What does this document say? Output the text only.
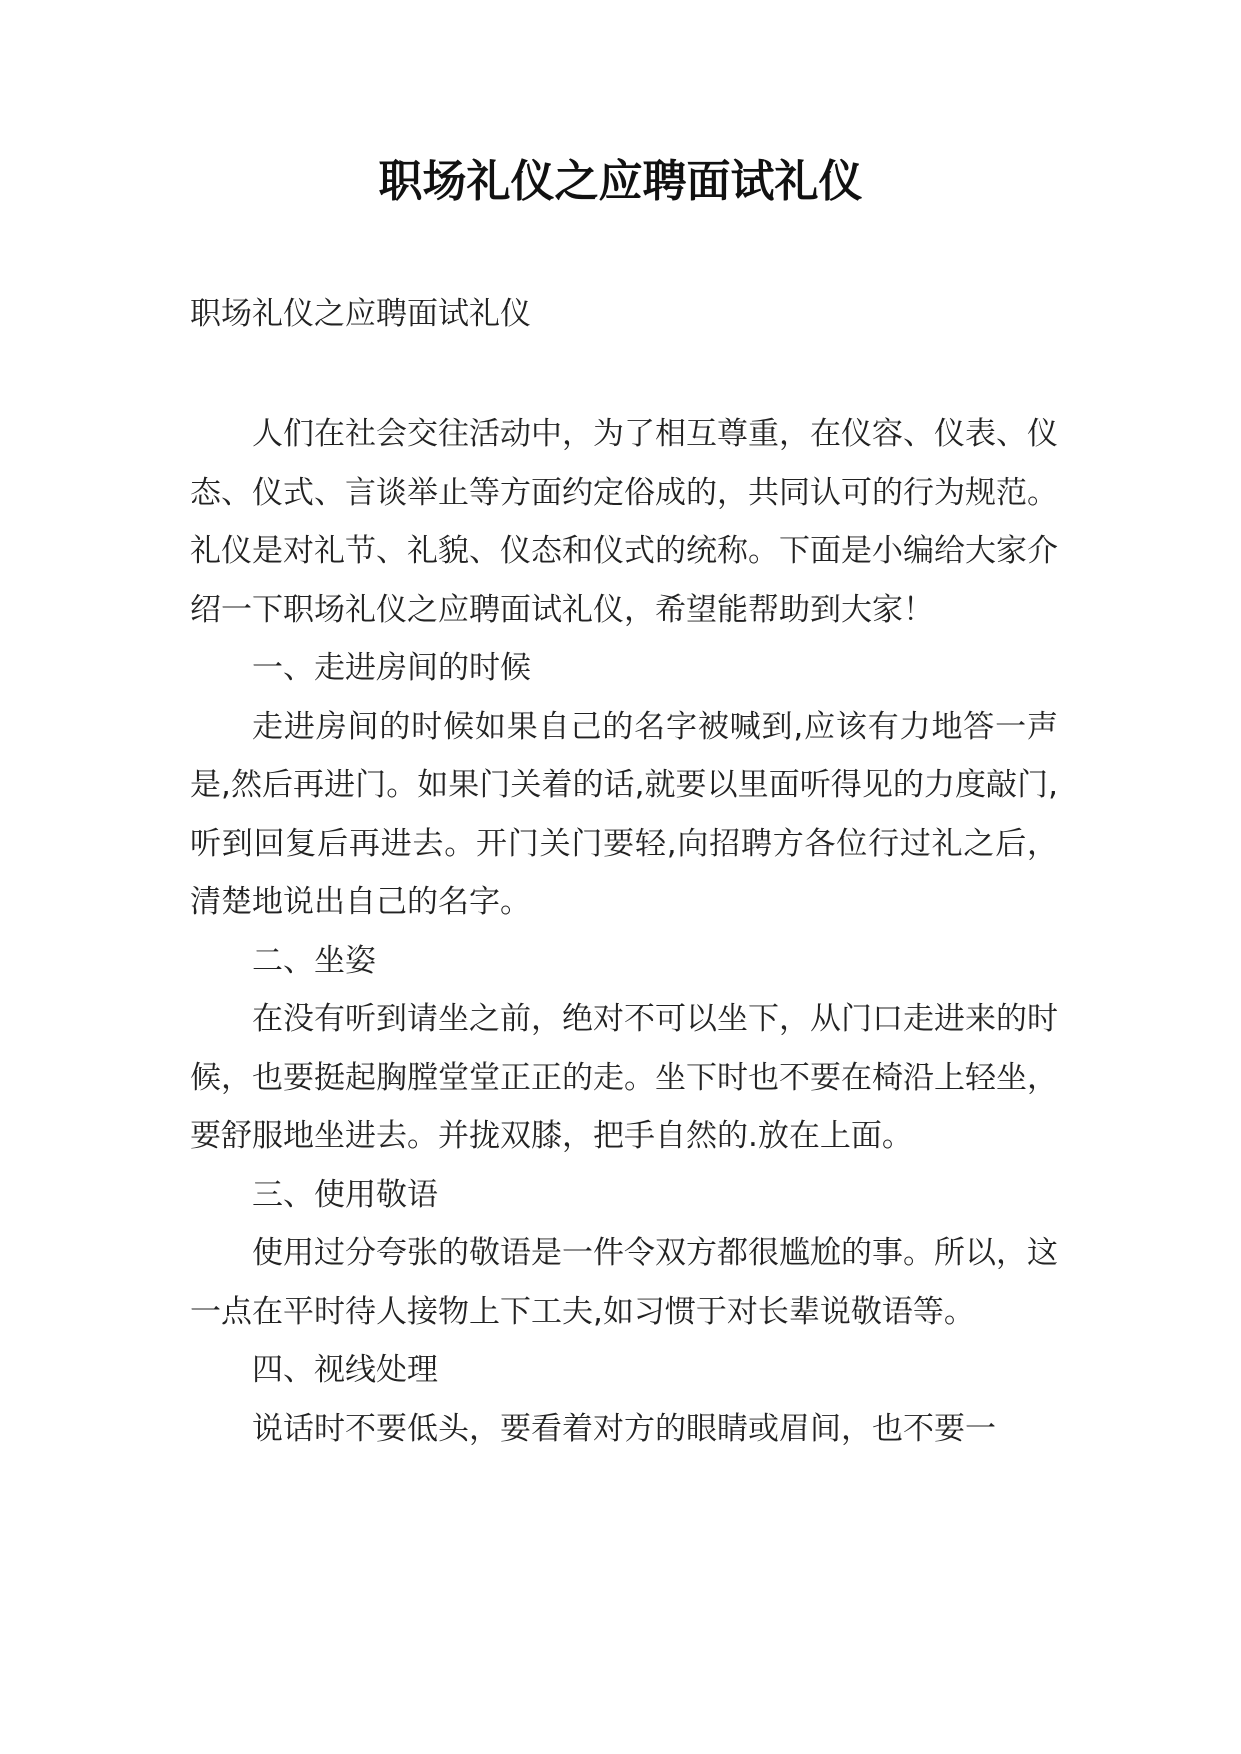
职场礼仪之应聘面试礼仪

职场礼仪之应聘面试礼仪

人们在社会交往活动中，为了相互尊重，在仪容、仪表、仪态、仪式、言谈举止等方面约定俗成的，共同认可的行为规范。礼仪是对礼节、礼貌、仪态和仪式的统称。下面是小编给大家介绍一下职场礼仪之应聘面试礼仪，希望能帮助到大家！

一、走进房间的时候

走进房间的时候如果自己的名字被喊到,应该有力地答一声是,然后再进门。如果门关着的话,就要以里面听得见的力度敲门,听到回复后再进去。开门关门要轻,向招聘方各位行过礼之后，清楚地说出自己的名字。

二、坐姿

在没有听到请坐之前，绝对不可以坐下，从门口走进来的时候，也要挺起胸膛堂堂正正的走。坐下时也不要在椅沿上轻坐，要舒服地坐进去。并拢双膝，把手自然的.放在上面。

三、使用敬语

使用过分夸张的敬语是一件令双方都很尴尬的事。所以，这一点在平时待人接物上下工夫,如习惯于对长辈说敬语等。

四、视线处理

说话时不要低头，要看着对方的眼睛或眉间，也不要一
